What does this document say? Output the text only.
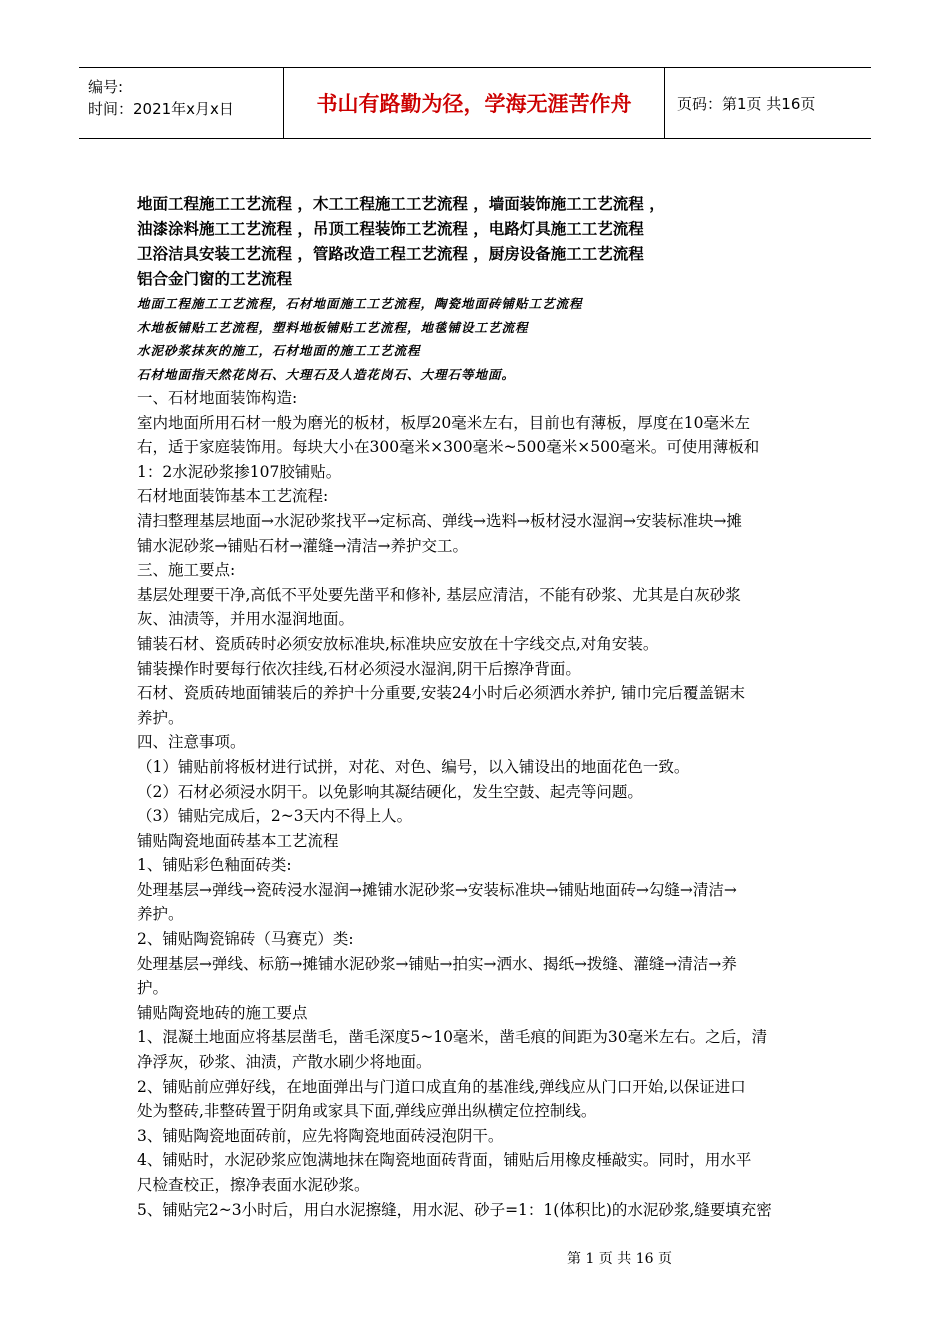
编号:
时间：2021年x月x日	书山有路勤为径，学海无涯苦作舟	页码：第1页 共16页
地面工程施工工艺流程 ，木工工程施工工艺流程 ，墙面装饰施工工艺流程 ，
油漆涂料施工工艺流程 ，吊顶工程装饰工艺流程 ，电路灯具施工工艺流程
卫浴洁具安装工艺流程 ，管路改造工程工艺流程 ，厨房设备施工工艺流程
铝合金门窗的工艺流程
地面工程施工工艺流程，石材地面施工工艺流程，陶瓷地面砖铺贴工艺流程
木地板铺贴工艺流程，塑料地板铺贴工艺流程，地毯铺设工艺流程
水泥砂浆抹灰的施工，石材地面的施工工艺流程
石材地面指天然花岗石、大理石及人造花岗石、大理石等地面。
一、石材地面装饰构造:
室内地面所用石材一般为磨光的板材，板厚20毫米左右，目前也有薄板，厚度在10毫米左
右，适于家庭装饰用。每块大小在300毫米×300毫米~500毫米×500毫米。可使用薄板和
1：2水泥砂浆掺107胶铺贴。
石材地面装饰基本工艺流程:
清扫整理基层地面→水泥砂浆找平→定标高、弹线→选料→板材浸水湿润→安装标准块→摊
铺水泥砂浆→铺贴石材→灌缝→清洁→养护交工。
三、施工要点:
基层处理要干净,高低不平处要先凿平和修补, 基层应清洁，不能有砂浆、尤其是白灰砂浆
灰、油渍等，并用水湿润地面。
铺装石材、瓷质砖时必须安放标准块,标准块应安放在十字线交点,对角安装。
铺装操作时要每行依次挂线,石材必须浸水湿润,阴干后擦净背面。
石材、瓷质砖地面铺装后的养护十分重要,安装24小时后必须洒水养护, 铺巾完后覆盖锯末
养护。
四、注意事项。
（1）铺贴前将板材进行试拼，对花、对色、编号，以入铺设出的地面花色一致。
（2）石材必须浸水阴干。以免影响其凝结硬化，发生空鼓、起壳等问题。
（3）铺贴完成后，2~3天内不得上人。
铺贴陶瓷地面砖基本工艺流程
1、铺贴彩色釉面砖类:
处理基层→弹线→瓷砖浸水湿润→摊铺水泥砂浆→安装标准块→铺贴地面砖→勾缝→清洁→
养护。
2、铺贴陶瓷锦砖（马赛克）类:
处理基层→弹线、标筋→摊铺水泥砂浆→铺贴→拍实→洒水、揭纸→拨缝、灌缝→清洁→养
护。
铺贴陶瓷地砖的施工要点
1、混凝土地面应将基层凿毛，凿毛深度5~10毫米，凿毛痕的间距为30毫米左右。之后，清
净浮灰，砂浆、油渍，产散水刷少将地面。
2、铺贴前应弹好线，在地面弹出与门道口成直角的基准线,弹线应从门口开始,以保证进口
处为整砖,非整砖置于阴角或家具下面,弹线应弹出纵横定位控制线。
3、铺贴陶瓷地面砖前，应先将陶瓷地面砖浸泡阴干。
4、铺贴时，水泥砂浆应饱满地抹在陶瓷地面砖背面，铺贴后用橡皮棰敲实。同时，用水平
尺检查校正，擦净表面水泥砂浆。
5、铺贴完2~3小时后，用白水泥擦缝，用水泥、砂子=1：1(体积比)的水泥砂浆,缝要填充密
第 1 页 共 16 页
